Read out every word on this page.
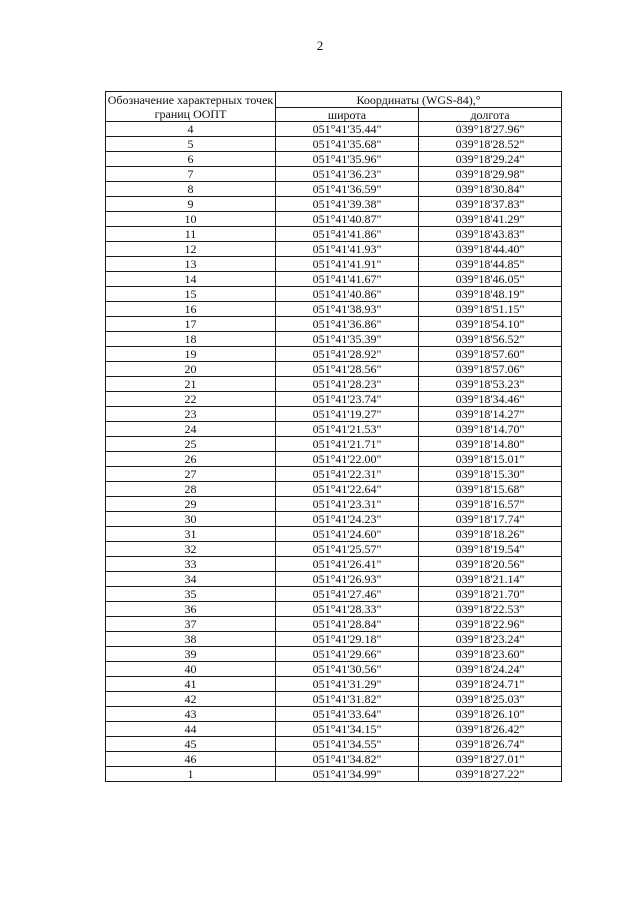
2
Обозначение характерных точек границ ООПТ	Координаты (WGS-84),°	
	широта	долгота
4	051°41'35.44"	039°18'27.96"
5	051°41'35.68"	039°18'28.52"
6	051°41'35.96"	039°18'29.24"
7	051°41'36.23"	039°18'29.98"
8	051°41'36.59"	039°18'30.84"
9	051°41'39.38"	039°18'37.83"
10	051°41'40.87"	039°18'41.29"
11	051°41'41.86"	039°18'43.83"
12	051°41'41.93"	039°18'44.40"
13	051°41'41.91"	039°18'44.85"
14	051°41'41.67"	039°18'46.05"
15	051°41'40.86"	039°18'48.19"
16	051°41'38.93"	039°18'51.15"
17	051°41'36.86"	039°18'54.10"
18	051°41'35.39"	039°18'56.52"
19	051°41'28.92"	039°18'57.60"
20	051°41'28.56"	039°18'57.06"
21	051°41'28.23"	039°18'53.23"
22	051°41'23.74"	039°18'34.46"
23	051°41'19.27"	039°18'14.27"
24	051°41'21.53"	039°18'14.70"
25	051°41'21.71"	039°18'14.80"
26	051°41'22.00"	039°18'15.01"
27	051°41'22.31"	039°18'15.30"
28	051°41'22.64"	039°18'15.68"
29	051°41'23.31"	039°18'16.57"
30	051°41'24.23"	039°18'17.74"
31	051°41'24.60"	039°18'18.26"
32	051°41'25.57"	039°18'19.54"
33	051°41'26.41"	039°18'20.56"
34	051°41'26.93"	039°18'21.14"
35	051°41'27.46"	039°18'21.70"
36	051°41'28.33"	039°18'22.53"
37	051°41'28.84"	039°18'22.96"
38	051°41'29.18"	039°18'23.24"
39	051°41'29.66"	039°18'23.60"
40	051°41'30.56"	039°18'24.24"
41	051°41'31.29"	039°18'24.71"
42	051°41'31.82"	039°18'25.03"
43	051°41'33.64"	039°18'26.10"
44	051°41'34.15"	039°18'26.42"
45	051°41'34.55"	039°18'26.74"
46	051°41'34.82"	039°18'27.01"
1	051°41'34.99"	039°18'27.22"
